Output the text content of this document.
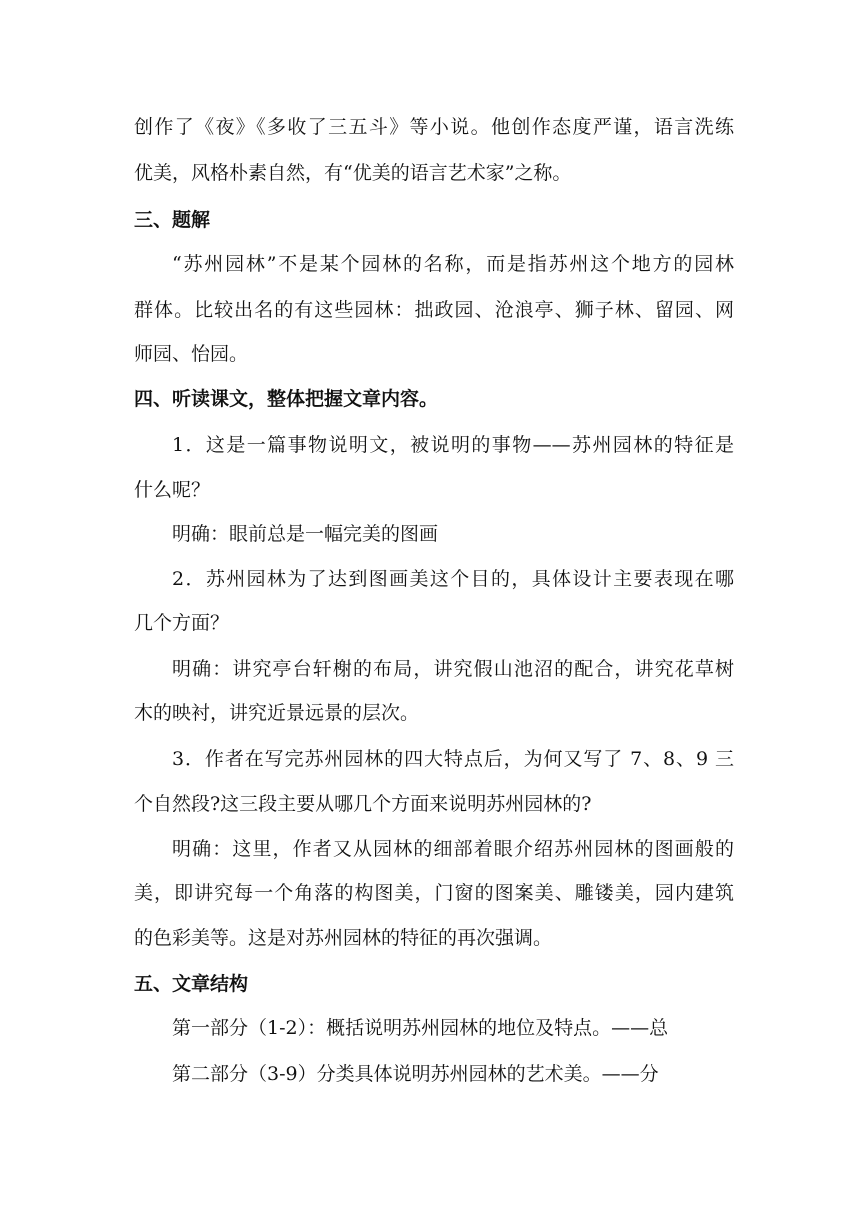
创作了《夜》《多收了三五斗》等小说。他创作态度严谨，语言洗练
优美，风格朴素自然，有“优美的语言艺术家”之称。
三、题解
“苏州园林”不是某个园林的名称，而是指苏州这个地方的园林
群体。比较出名的有这些园林：拙政园、沧浪亭、狮子林、留园、网
师园、怡园。
四、听读课文，整体把握文章内容。
1．这是一篇事物说明文，被说明的事物——苏州园林的特征是
什么呢？
明确：眼前总是一幅完美的图画
2．苏州园林为了达到图画美这个目的，具体设计主要表现在哪
几个方面？
明确：讲究亭台轩榭的布局，讲究假山池沼的配合，讲究花草树
木的映衬，讲究近景远景的层次。
3．作者在写完苏州园林的四大特点后，为何又写了 7、8、9 三
个自然段?这三段主要从哪几个方面来说明苏州园林的?
明确：这里，作者又从园林的细部着眼介绍苏州园林的图画般的
美，即讲究每一个角落的构图美，门窗的图案美、雕镂美，园内建筑
的色彩美等。这是对苏州园林的特征的再次强调。
五、文章结构
第一部分（1-2）：概括说明苏州园林的地位及特点。——总
第二部分（3-9）分类具体说明苏州园林的艺术美。——分
